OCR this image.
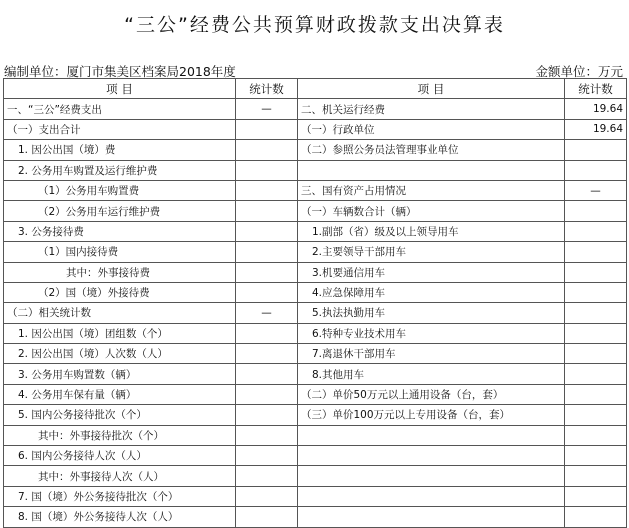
“三公”经费公共预算财政拨款支出决算表
编制单位：厦门市集美区档案局2018年度	金额单位：万元
项 目	统计数	项 目	统计数
一、“三公”经费支出	—	二、机关运行经费	19.64
（一）支出合计		（一）行政单位	19.64
1. 因公出国（境）费		（二）参照公务员法管理事业单位	
2. 公务用车购置及运行维护费			
（1）公务用车购置费		三、国有资产占用情况	—
（2）公务用车运行维护费		（一）车辆数合计（辆）	
3. 公务接待费		1.副部（省）级及以上领导用车	
（1）国内接待费		2.主要领导干部用车	
其中：外事接待费		3.机要通信用车	
（2）国（境）外接待费		4.应急保障用车	
（二）相关统计数	—	5.执法执勤用车	
1. 因公出国（境）团组数（个）		6.特种专业技术用车	
2. 因公出国（境）人次数（人）		7.离退休干部用车	
3. 公务用车购置数（辆）		8.其他用车	
4. 公务用车保有量（辆）		（二）单价50万元以上通用设备（台，套）	
5. 国内公务接待批次（个）		（三）单价100万元以上专用设备（台，套）	
其中：外事接待批次（个）			
6. 国内公务接待人次（人）			
其中：外事接待人次（人）			
7. 国（境）外公务接待批次（个）			
8. 国（境）外公务接待人次（人）			
